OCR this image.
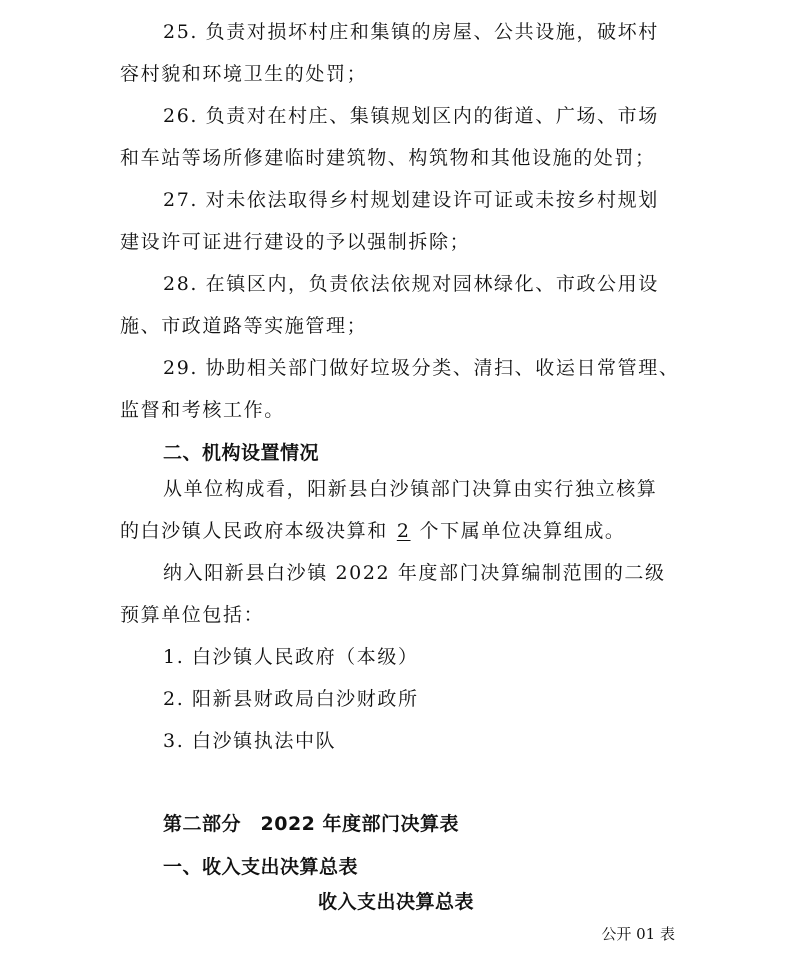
25. 负责对损坏村庄和集镇的房屋、公共设施，破坏村
容村貌和环境卫生的处罚；
26. 负责对在村庄、集镇规划区内的街道、广场、市场
和车站等场所修建临时建筑物、构筑物和其他设施的处罚；
27. 对未依法取得乡村规划建设许可证或未按乡村规划
建设许可证进行建设的予以强制拆除；
28. 在镇区内，负责依法依规对园林绿化、市政公用设
施、市政道路等实施管理；
29. 协助相关部门做好垃圾分类、清扫、收运日常管理、
监督和考核工作。
二、机构设置情况
从单位构成看，阳新县白沙镇部门决算由实行独立核算
的白沙镇人民政府本级决算和 2 个下属单位决算组成。
纳入阳新县白沙镇 2022 年度部门决算编制范围的二级
预算单位包括：
1. 白沙镇人民政府（本级）
2. 阳新县财政局白沙财政所
3. 白沙镇执法中队
第二部分　2022 年度部门决算表
一、收入支出决算总表
收入支出决算总表
公开 01 表
